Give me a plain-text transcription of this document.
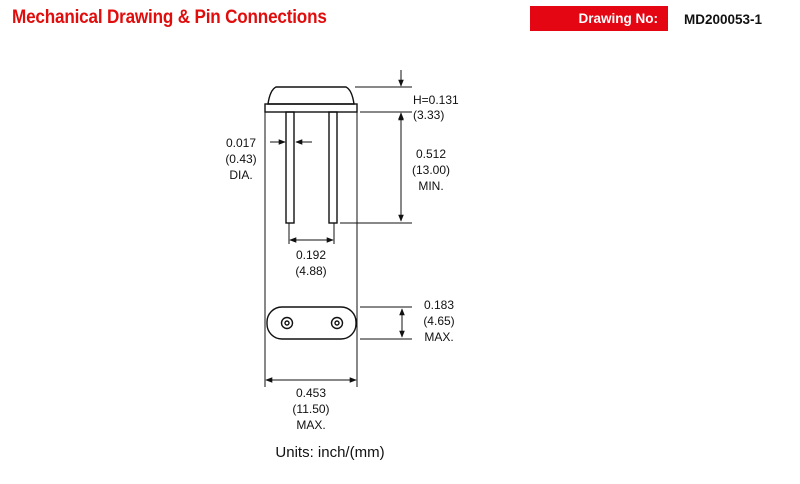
Mechanical Drawing & Pin Connections	Drawing No:	MD200053-1
H=0.131
(3.33)
0.017
(0.43)
DIA.
0.512
(13.00)
MIN.
0.192
(4.88)
0.183
(4.65)
MAX.
0.453
(11.50)
MAX.
Units: inch/(mm)
